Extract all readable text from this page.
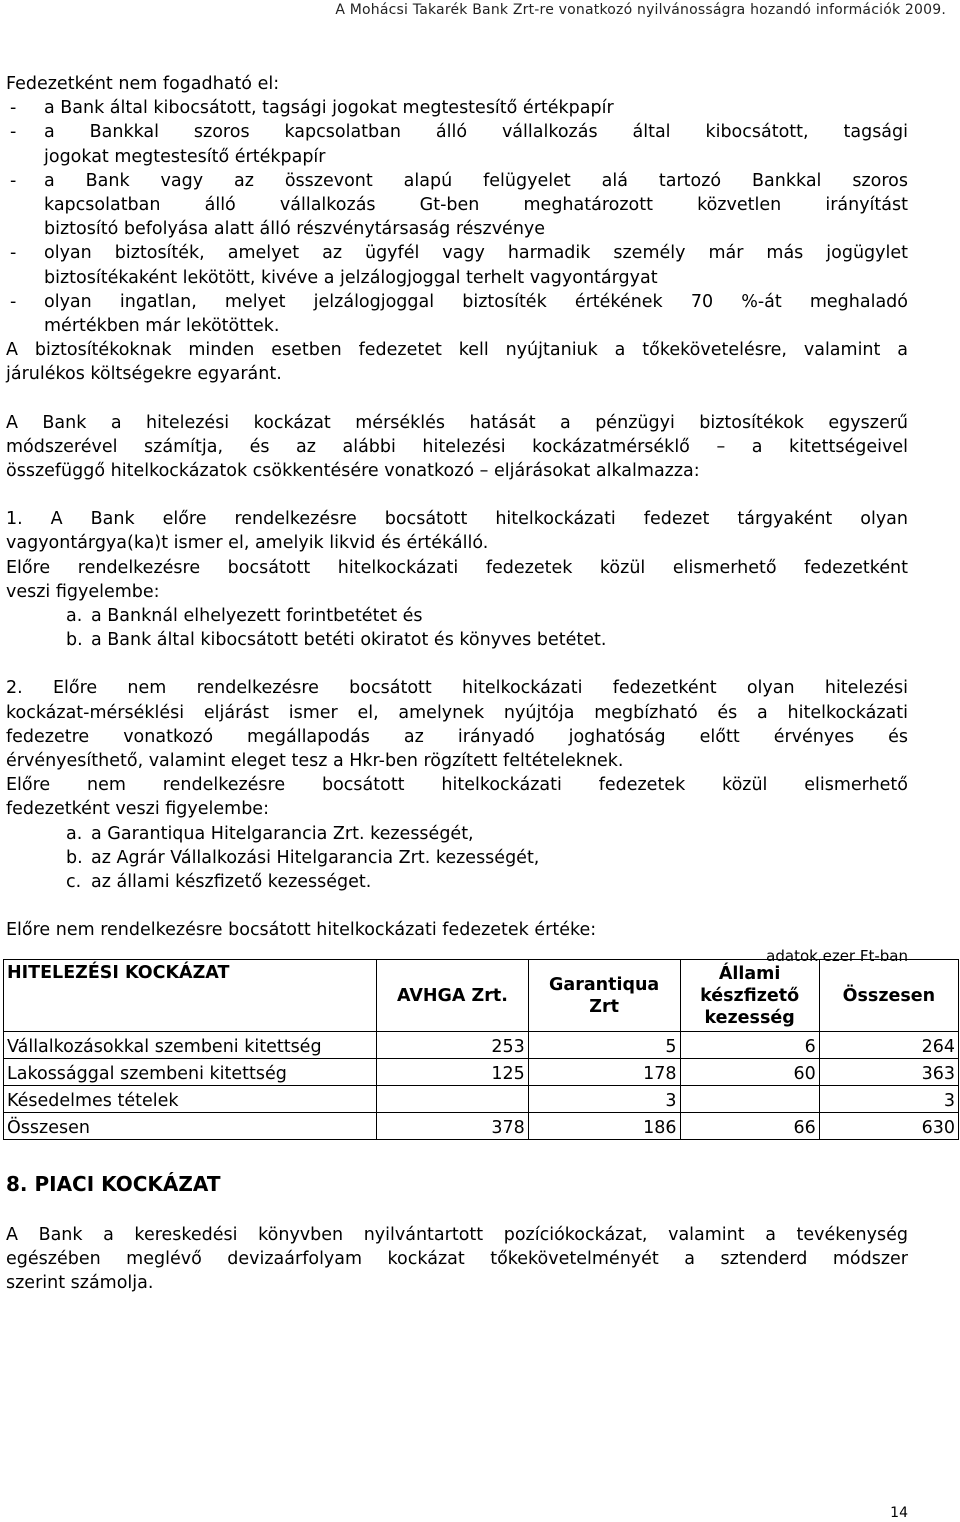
A Mohácsi Takarék Bank Zrt-re vonatkozó nyilvánosságra hozandó információk 2009.

Fedezetként nem fogadható el:

-	a Bank által kibocsátott, tagsági jogokat megtestesítő értékpapír

-	a Bankkal szoros kapcsolatban álló vállalkozás által kibocsátott, tagsági

jogokat megtestesítő értékpapír

-	a Bank vagy az összevont alapú felügyelet alá tartozó Bankkal szoros

kapcsolatban álló vállalkozás Gt-ben meghatározott közvetlen irányítást

biztosító befolyása alatt álló részvénytársaság részvénye

-	olyan biztosíték, amelyet az ügyfél vagy harmadik személy már más jogügylet

biztosítékaként lekötött, kivéve a jelzálogjoggal terhelt vagyontárgyat

-	olyan ingatlan, melyet jelzálogjoggal biztosíték értékének 70 %-át meghaladó

mértékben már lekötöttek.

A biztosítékoknak minden esetben fedezetet kell nyújtaniuk a tőkekövetelésre, valamint a

járulékos költségekre egyaránt.

A Bank a hitelezési kockázat mérséklés hatását a pénzügyi biztosítékok egyszerű

módszerével számítja, és az alábbi hitelezési kockázatmérséklő – a kitettségeivel

összefüggő hitelkockázatok csökkentésére vonatkozó – eljárásokat alkalmazza:

1. A Bank előre rendelkezésre bocsátott hitelkockázati fedezet tárgyaként olyan

vagyontárgya(ka)t ismer el, amelyik likvid és értékálló.

Előre rendelkezésre bocsátott hitelkockázati fedezetek közül elismerhető fedezetként

veszi figyelembe:

a. a Banknál elhelyezett forintbetétet és

b. a Bank által kibocsátott betéti okiratot és könyves betétet.

2. Előre nem rendelkezésre bocsátott hitelkockázati fedezetként olyan hitelezési

kockázat-mérséklési eljárást ismer el, amelynek nyújtója megbízható és a hitelkockázati

fedezetre vonatkozó megállapodás az irányadó joghatóság előtt érvényes és

érvényesíthető, valamint eleget tesz a Hkr-ben rögzített feltételeknek.

Előre nem rendelkezésre bocsátott hitelkockázati fedezetek közül elismerhető

fedezetként veszi figyelembe:

a. a Garantiqua Hitelgarancia Zrt. kezességét,

b. az Agrár Vállalkozási Hitelgarancia Zrt. kezességét,

c. az állami készfizető kezességet.

Előre nem rendelkezésre bocsátott hitelkockázati fedezetek értéke:

adatok ezer Ft-ban
HITELEZÉSI KOCKÁZAT	AVHGA Zrt.	Garantiqua Zrt	Állami készfizető kezesség	Összesen
Vállalkozásokkal szembeni kitettség	253	5	6	264
Lakossággal szembeni kitettség	125	178	60	363
Késedelmes tételek		3		3
Összesen	378	186	66	630
8. PIACI KOCKÁZAT

A Bank a kereskedési könyvben nyilvántartott pozíciókockázat, valamint a tevékenység

egészében meglévő devizaárfolyam kockázat tőkekövetelményét a sztenderd módszer

szerint számolja.

14
